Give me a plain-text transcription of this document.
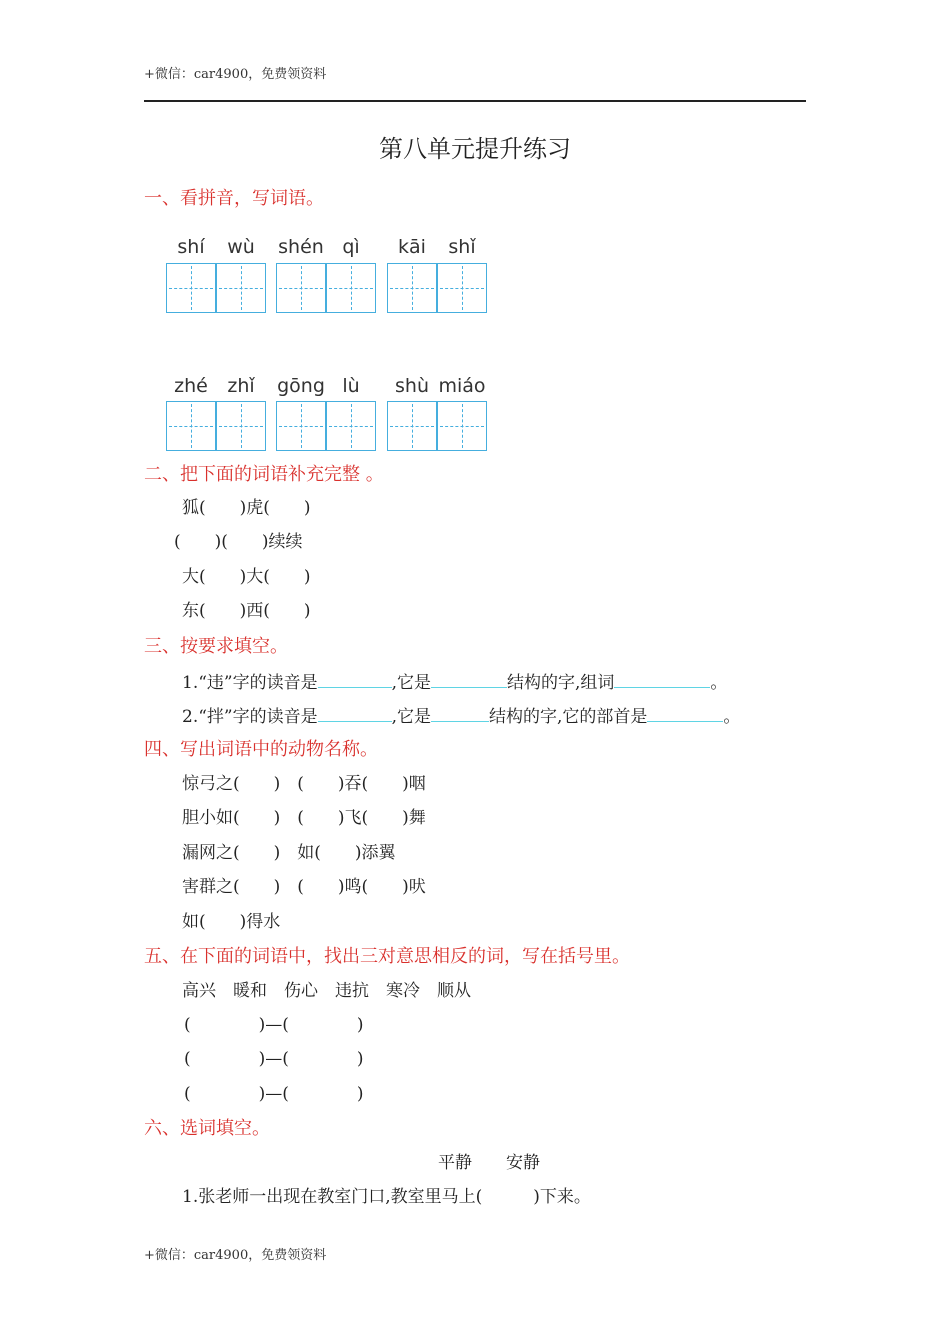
+微信：car4900，免费领资料
第八单元提升练习
一、看拼音，写词语。
shí	wù	shén qì	kāi	shǐ
zhé	zhǐ	gōng lù	shù miáo
二、把下面的词语补充完整 。
狐(　　)虎(　　)
(　　)(　　)续续
大(　　)大(　　)
东(　　)西(　　)
三、按要求填空。
1.“违”字的读音是	,它是	结构的字,组词	。
2.“拌”字的读音是	,它是	结构的字,它的部首是	。
四、写出词语中的动物名称。
惊弓之(　　)　(　　)吞(　　)咽
胆小如(　　)　(　　)飞(　　)舞
漏网之(　　)　如(　　)添翼
害群之(　　)　(　　)鸣(　　)吠
如(　　)得水
五、在下面的词语中，找出三对意思相反的词，写在括号里。
高兴　暖和　伤心　违抗　寒冷　顺从
(　　　　)—(　　　　)
(　　　　)—(　　　　)
(　　　　)—(　　　　)
六、选词填空。
平静　　安静
1.张老师一出现在教室门口,教室里马上(　　　)下来。
+微信：car4900，免费领资料
